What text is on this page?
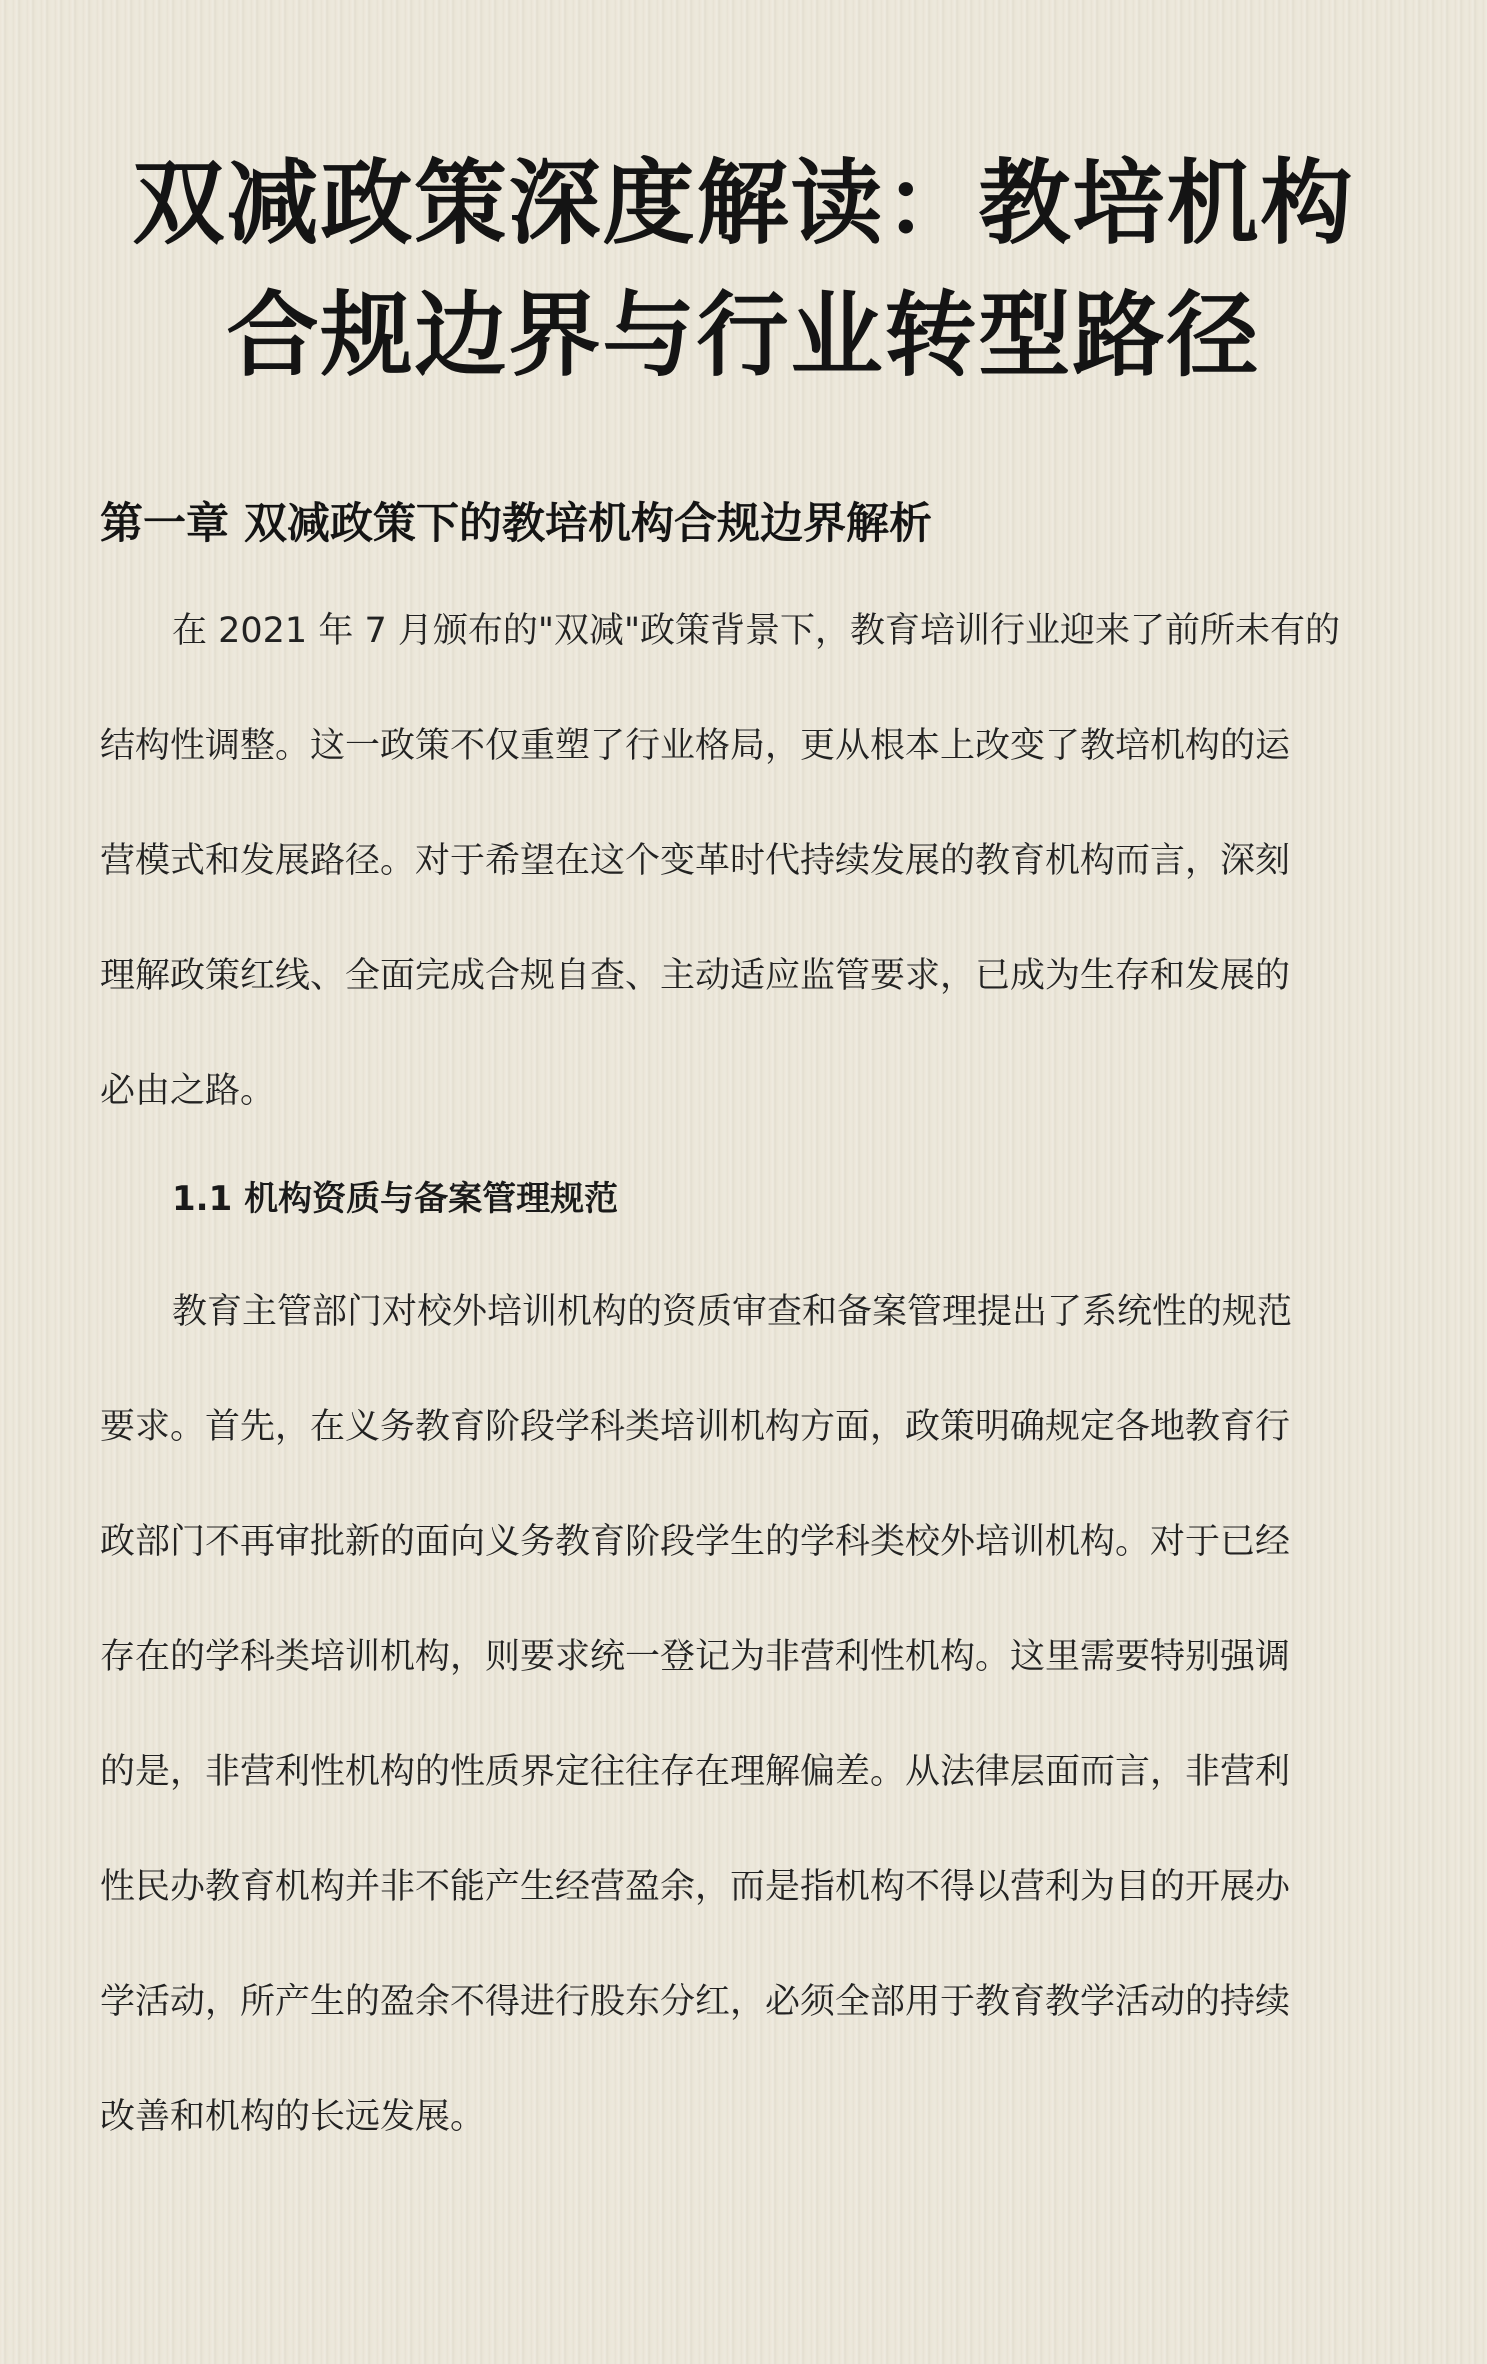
双减政策深度解读：教培机构
合规边界与行业转型路径
第一章 双减政策下的教培机构合规边界解析

在 2021 年 7 月颁布的"双减"政策背景下，教育培训行业迎来了前所未有的
结构性调整。这一政策不仅重塑了行业格局，更从根本上改变了教培机构的运
营模式和发展路径。对于希望在这个变革时代持续发展的教育机构而言，深刻
理解政策红线、全面完成合规自查、主动适应监管要求，已成为生存和发展的
必由之路。

1.1 机构资质与备案管理规范

教育主管部门对校外培训机构的资质审查和备案管理提出了系统性的规范
要求。首先，在义务教育阶段学科类培训机构方面，政策明确规定各地教育行
政部门不再审批新的面向义务教育阶段学生的学科类校外培训机构。对于已经
存在的学科类培训机构，则要求统一登记为非营利性机构。这里需要特别强调
的是，非营利性机构的性质界定往往存在理解偏差。从法律层面而言，非营利
性民办教育机构并非不能产生经营盈余，而是指机构不得以营利为目的开展办
学活动，所产生的盈余不得进行股东分红，必须全部用于教育教学活动的持续
改善和机构的长远发展。
